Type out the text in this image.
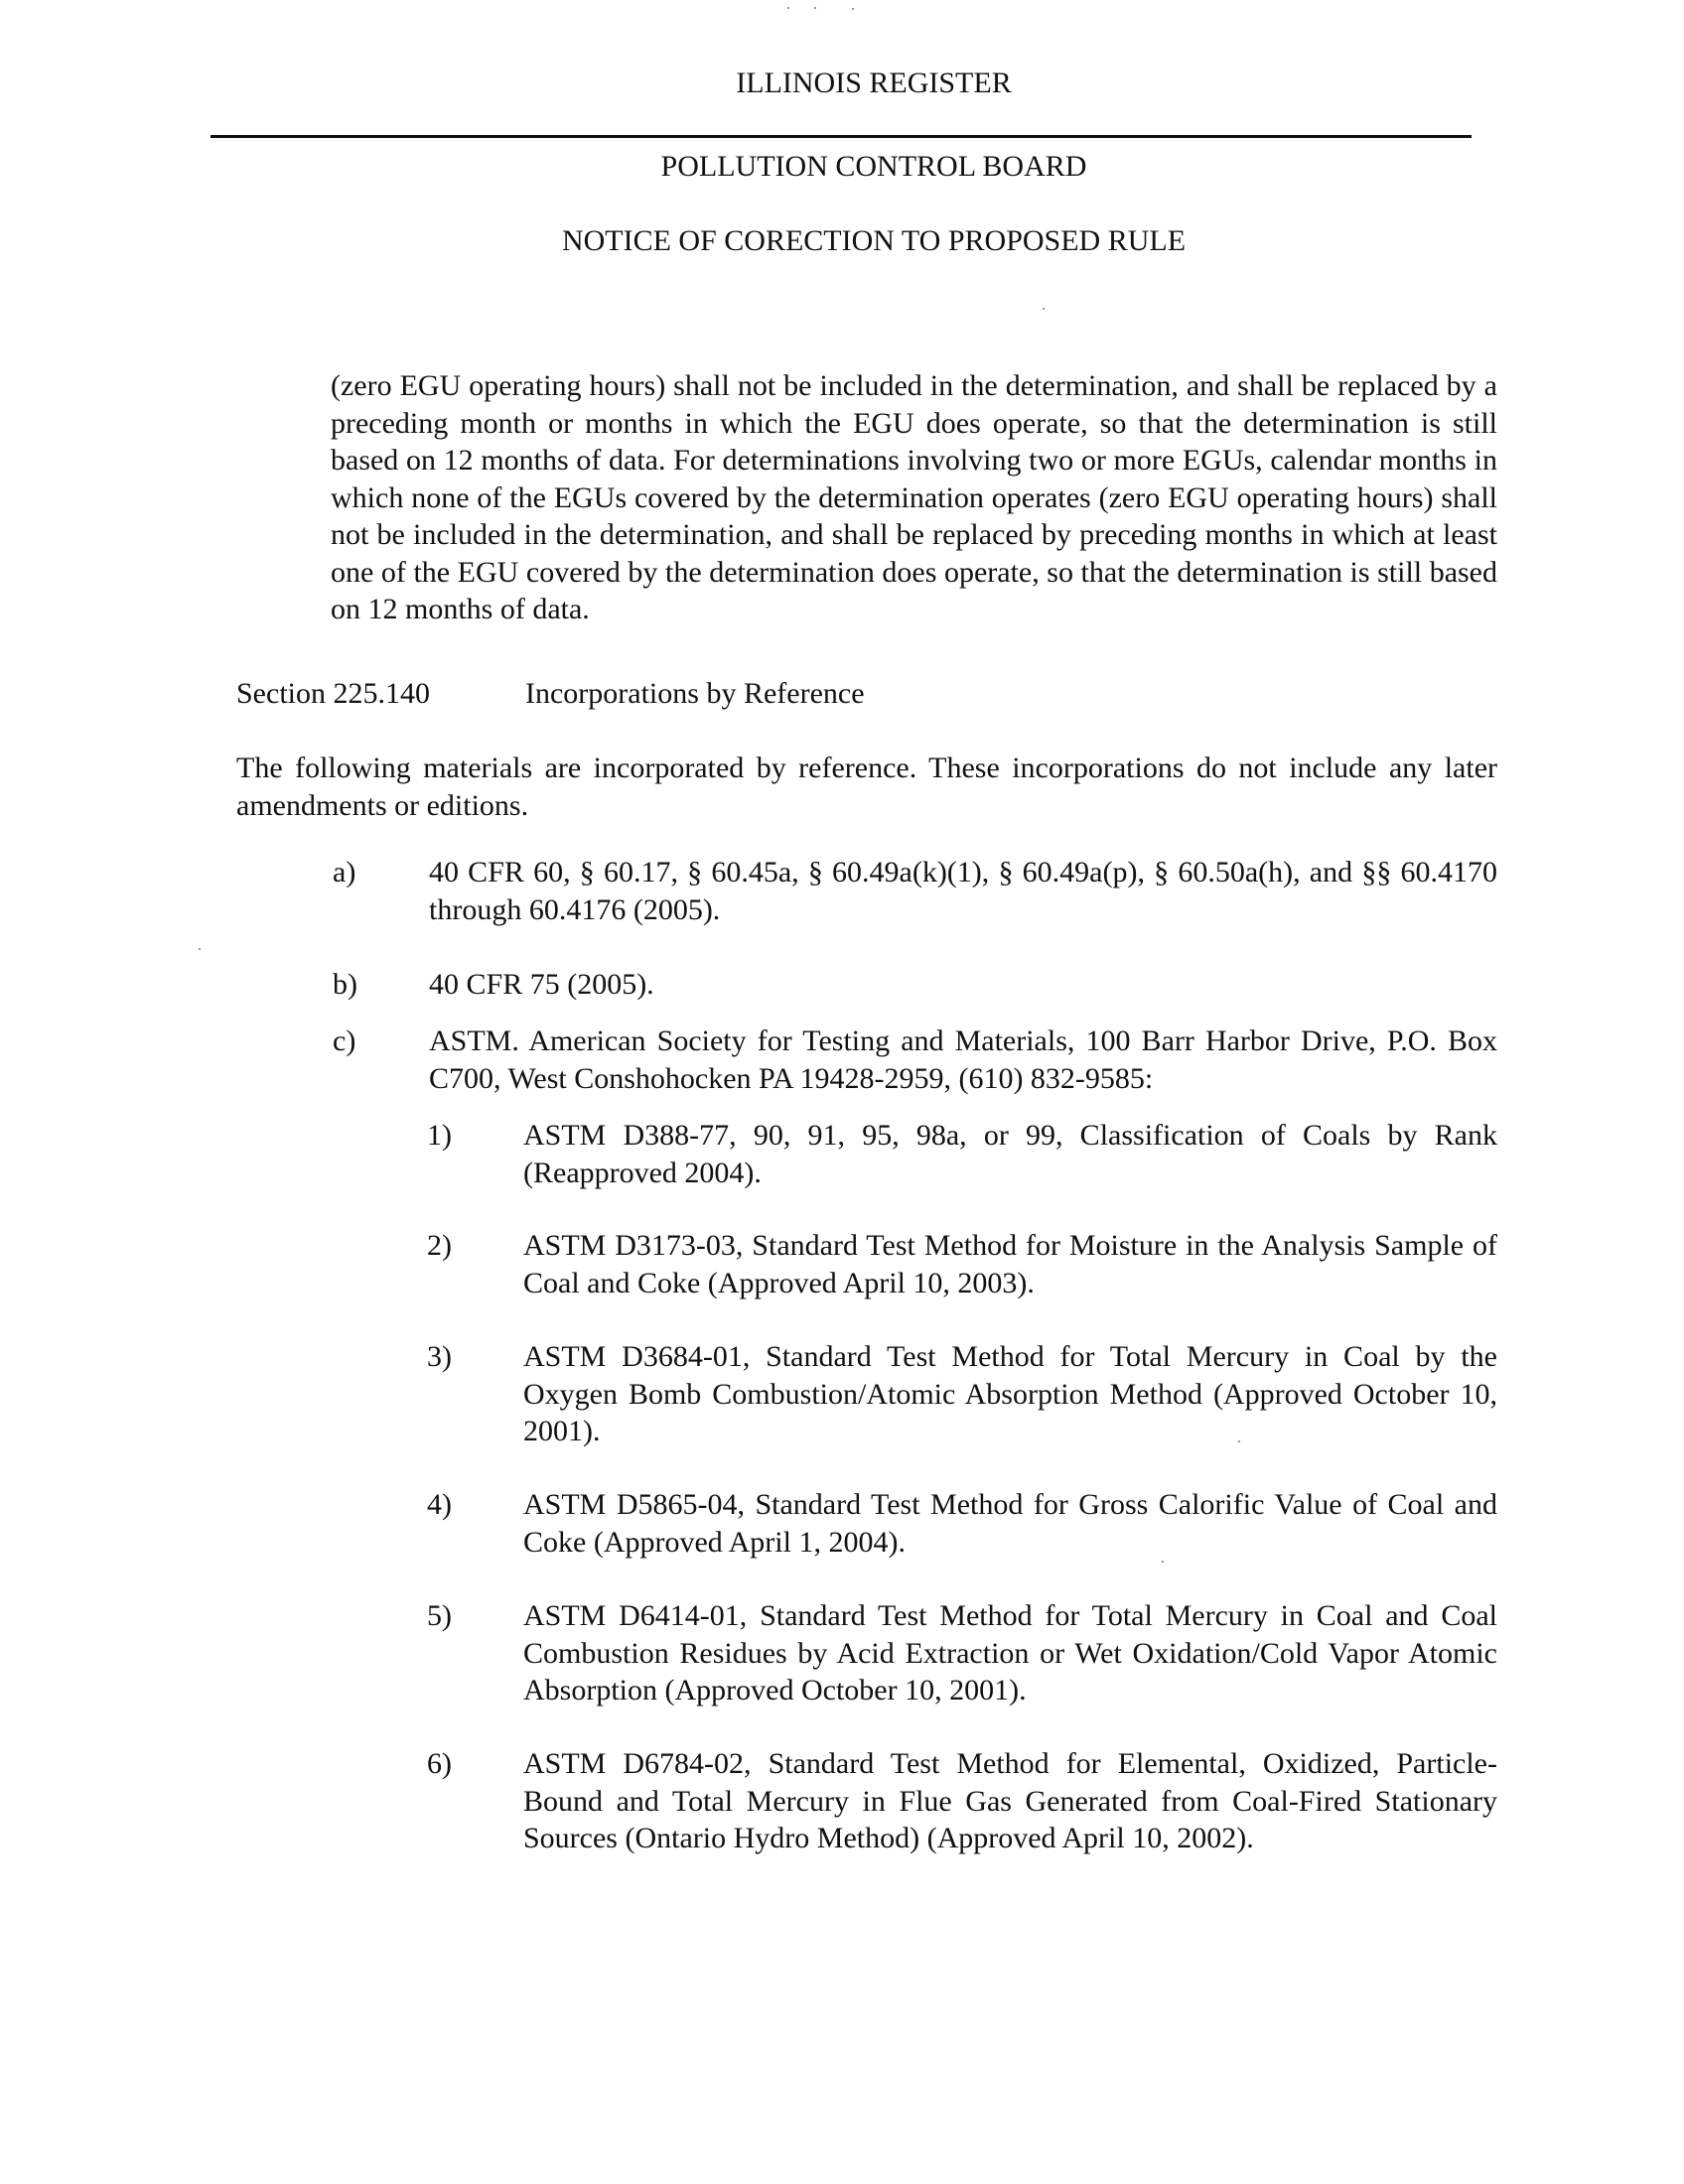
ILLINOIS REGISTER
POLLUTION CONTROL BOARD
NOTICE OF CORECTION TO PROPOSED RULE
(zero EGU operating hours) shall not be included in the determination, and shall be replaced by a preceding month or months in which the EGU does operate, so that the determination is still based on 12 months of data. For determinations involving two or more EGUs, calendar months in which none of the EGUs covered by the determination operates (zero EGU operating hours) shall not be included in the determination, and shall be replaced by preceding months in which at least one of the EGU covered by the determination does operate, so that the determination is still based on 12 months of data.
Section 225.140	Incorporations by Reference
The following materials are incorporated by reference. These incorporations do not include any later amendments or editions.
a) 40 CFR 60, § 60.17, § 60.45a, § 60.49a(k)(1), § 60.49a(p), § 60.50a(h), and §§ 60.4170 through 60.4176 (2005).
b) 40 CFR 75 (2005).
c) ASTM. American Society for Testing and Materials, 100 Barr Harbor Drive, P.O. Box C700, West Conshohocken PA 19428-2959, (610) 832-9585:
1) ASTM D388-77, 90, 91, 95, 98a, or 99, Classification of Coals by Rank (Reapproved 2004).
2) ASTM D3173-03, Standard Test Method for Moisture in the Analysis Sample of Coal and Coke (Approved April 10, 2003).
3) ASTM D3684-01, Standard Test Method for Total Mercury in Coal by the Oxygen Bomb Combustion/Atomic Absorption Method (Approved October 10, 2001).
4) ASTM D5865-04, Standard Test Method for Gross Calorific Value of Coal and Coke (Approved April 1, 2004).
5) ASTM D6414-01, Standard Test Method for Total Mercury in Coal and Coal Combustion Residues by Acid Extraction or Wet Oxidation/Cold Vapor Atomic Absorption (Approved October 10, 2001).
6) ASTM D6784-02, Standard Test Method for Elemental, Oxidized, Particle-Bound and Total Mercury in Flue Gas Generated from Coal-Fired Stationary Sources (Ontario Hydro Method) (Approved April 10, 2002).
